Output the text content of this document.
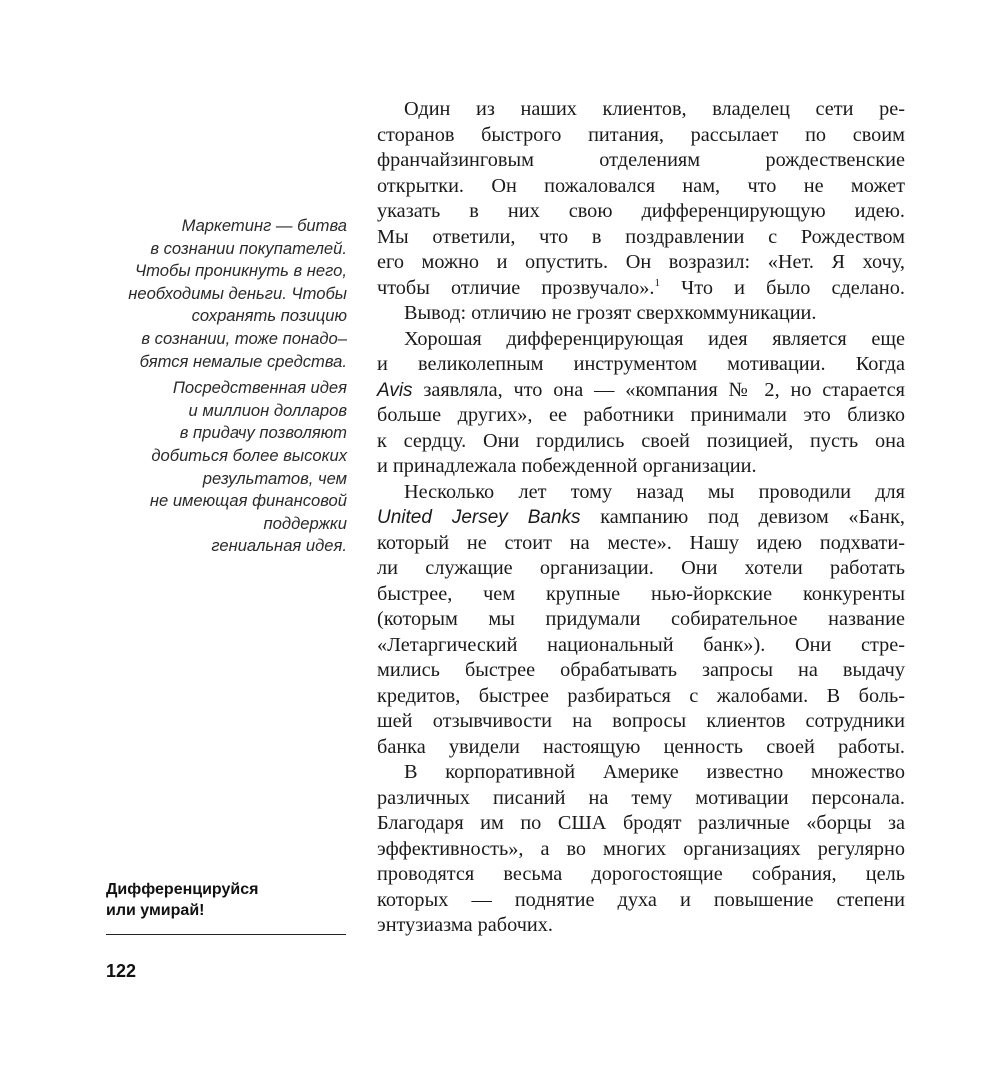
Маркетинг — битва
в сознании покупателей.
Чтобы проникнуть в него,
необходимы деньги. Чтобы
сохранять позицию
в сознании, тоже понадо–
бятся немалые средства.

Посредственная идея
и миллион долларов
в придачу позволяют
добиться более высоких
результатов, чем
не имеющая финансовой
поддержки
гениальная идея.

Дифференцируйся
или умирай!
122
Один из наших клиентов, владелец сети ре-
сторанов быстрого питания, рассылает по своим
франчайзинговым отделениям рождественские
открытки. Он пожаловался нам, что не может
указать в них свою дифференцирующую идею.
Мы ответили, что в поздравлении с Рождеством
его можно и опустить. Он возразил: «Нет. Я хочу,
чтобы отличие прозвучало».$^1$ Что и было сделано.
Вывод: отличию не грозят сверхкоммуникации.
Хорошая дифференцирующая идея является еще
и великолепным инструментом мотивации. Когда
Avis заявляла, что она — «компания № 2, но старается
больше других», ее работники принимали это близко
к сердцу. Они гордились своей позицией, пусть она
и принадлежала побежденной организации.
Несколько лет тому назад мы проводили для
United Jersey Banks кампанию под девизом «Банк,
который не стоит на месте». Нашу идею подхвати-
ли служащие организации. Они хотели работать
быстрее, чем крупные нью-йоркские конкуренты
(которым мы придумали собирательное название
«Летаргический национальный банк»). Они стре-
мились быстрее обрабатывать запросы на выдачу
кредитов, быстрее разбираться с жалобами. В боль-
шей отзывчивости на вопросы клиентов сотрудники
банка увидели настоящую ценность своей работы.
В корпоративной Америке известно множество
различных писаний на тему мотивации персонала.
Благодаря им по США бродят различные «борцы за
эффективность», а во многих организациях регулярно
проводятся весьма дорогостоящие собрания, цель
которых — поднятие духа и повышение степени
энтузиазма рабочих.
